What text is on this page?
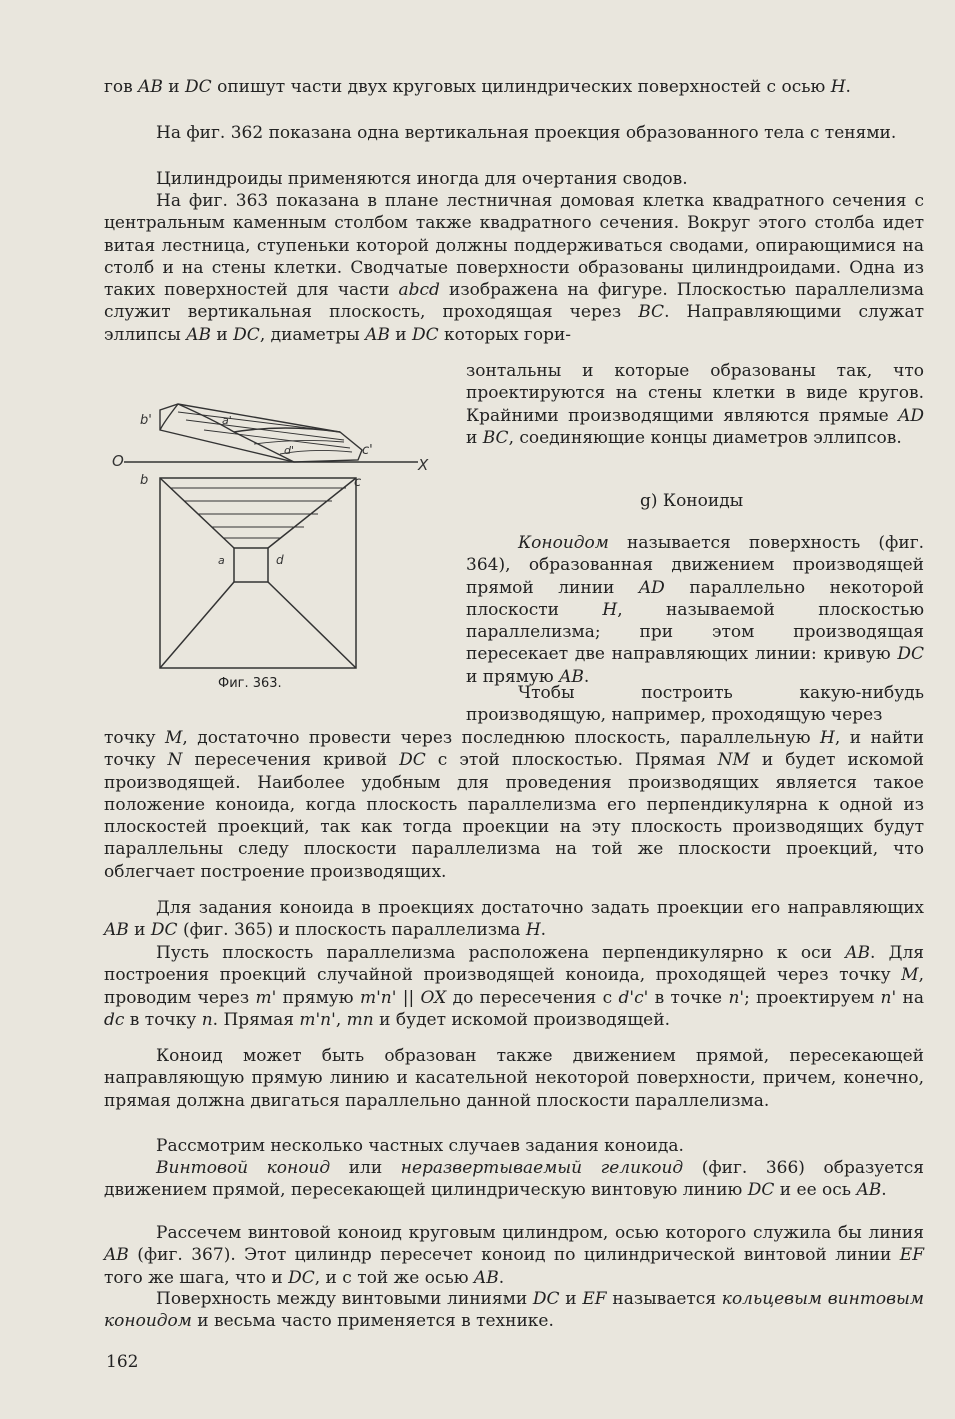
гов AB и DC опишут части двух круговых цилиндрических поверхностей с осью H.

На фиг. 362 показана одна вертикальная проекция образованного тела с тенями.

Цилиндроиды применяются иногда для очертания сводов.

На фиг. 363 показана в плане лестничная домовая клетка квадратного сечения с центральным каменным столбом также квадратного сечения. Вокруг этого столба идет витая лестница, ступеньки которой должны поддерживаться сводами, опирающимися на столб и на стены клетки. Сводчатые поверхности образованы цилиндроидами. Одна из таких поверхностей для части abcd изображена на фигуре. Плоскостью параллелизма служит вертикальная плоскость, проходящая через BC. Направляющими служат эллипсы AB и DC, диаметры AB и DC которых гори-

зонтальны и которые образованы так, что проектируются на стены клетки в виде кругов. Крайними производящими являются прямые AD и BC, соединяющие концы диаметров эллипсов.

g) Коноиды

Коноидом называется поверхность (фиг. 364), образованная движением производящей прямой линии AD параллельно некоторой плоскости H, называемой плоскостью параллелизма; при этом производящая пересекает две направляющих линии: кривую DC и прямую AB.

Чтобы построить какую-нибудь производящую, например, проходящую через

точку M, достаточно провести через последнюю плоскость, параллельную H, и найти точку N пересечения кривой DC с этой плоскостью. Прямая NM и будет искомой производящей. Наиболее удобным для проведения производящих является такое положение коноида, когда плоскость параллелизма его перпендикулярна к одной из плоскостей проекций, так как тогда проекции на эту плоскость производящих будут параллельны следу плоскости параллелизма на той же плоскости проекций, что облегчает построение производящих.

Для задания коноида в проекциях достаточно задать проекции его направляющих AB и DC (фиг. 365) и плоскость параллелизма H.

Пусть плоскость параллелизма расположена перпендикулярно к оси AB. Для построения проекций случайной производящей коноида, проходящей через точку M, проводим через m' прямую m'n' || OX до пересечения с d'c' в точке n'; проектируем n' на dc в точку n. Прямая m'n', mn и будет искомой производящей.

Коноид может быть образован также движением прямой, пересекающей направляющую прямую линию и касательной некоторой поверхности, причем, конечно, прямая должна двигаться параллельно данной плоскости параллелизма.

Рассмотрим несколько частных случаев задания коноида.

Винтовой коноид или неразвертываемый геликоид (фиг. 366) образуется движением прямой, пересекающей цилиндрическую винтовую линию DC и ее ось AB.

Рассечем винтовой коноид круговым цилиндром, осью которого служила бы линия AB (фиг. 367). Этот цилиндр пересечет коноид по цилиндрической винтовой линии EF того же шага, что и DC, и с той же осью AB.

Поверхность между винтовыми линиями DC и EF называется кольцевым винтовым коноидом и весьма часто применяется в технике.

b'	a'
d'	c'
O	X
b	c
a	d
Фиг. 363.
162
